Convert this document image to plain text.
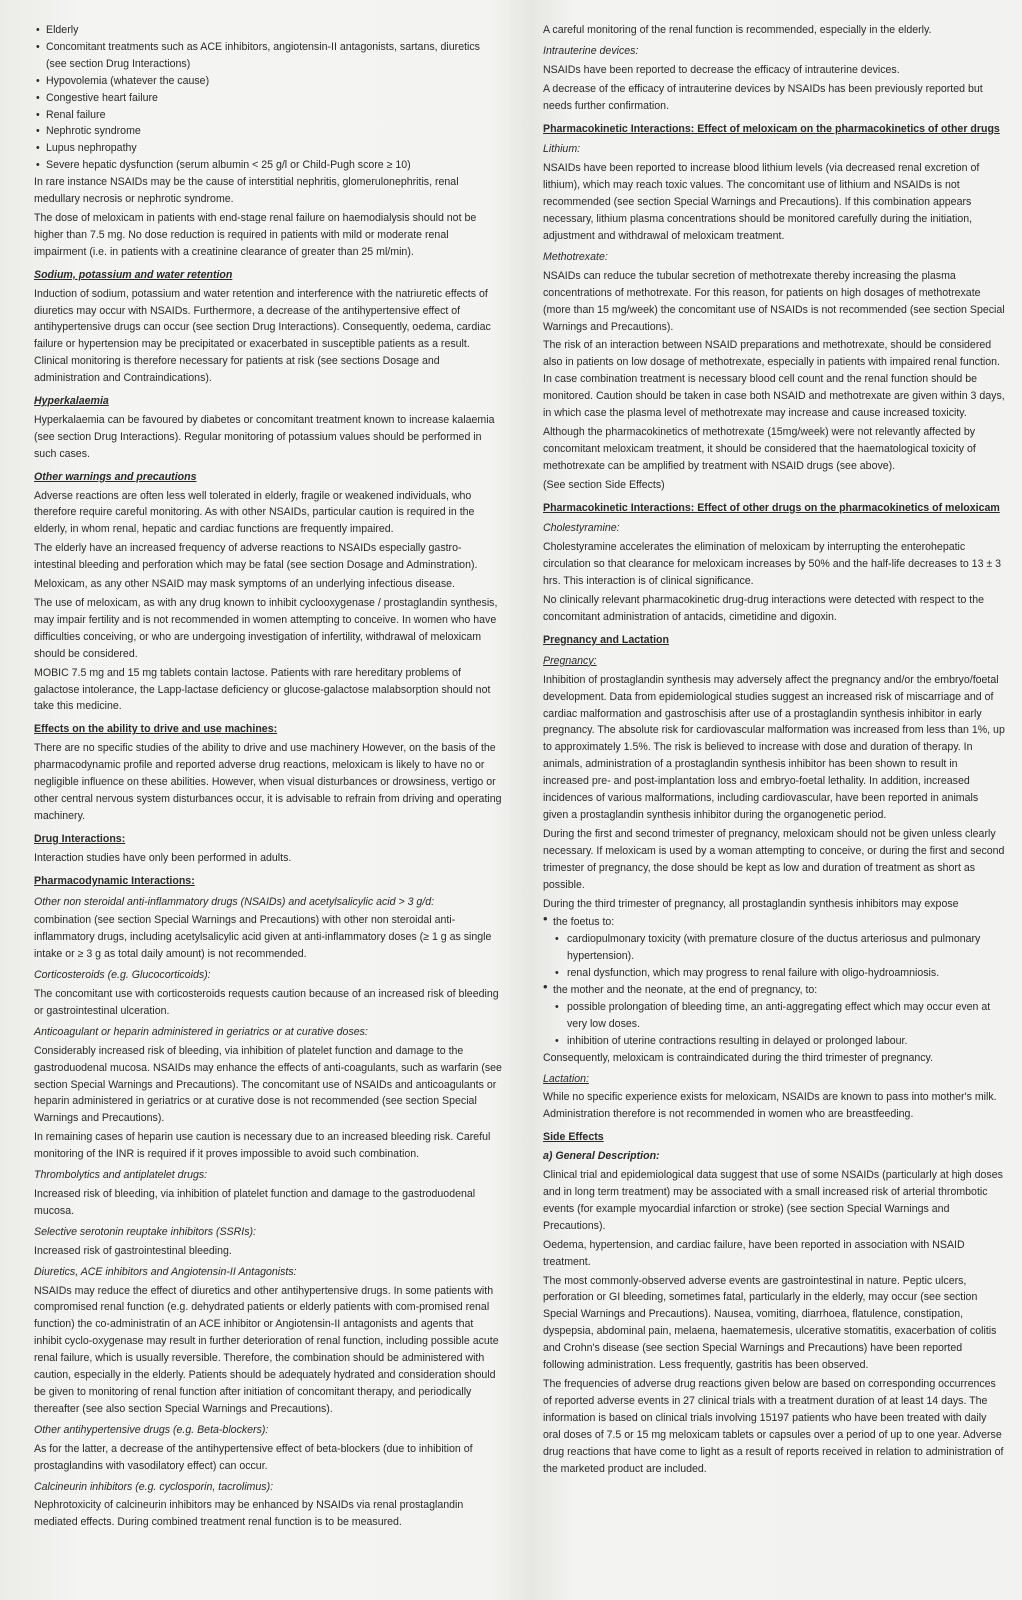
• Elderly

• Concomitant treatments such as ACE inhibitors, angiotensin-II antagonists, sartans, diuretics (see section Drug Interactions)

• Hypovolemia (whatever the cause)

• Congestive heart failure

• Renal failure

• Nephrotic syndrome

• Lupus nephropathy

• Severe hepatic dysfunction (serum albumin < 25 g/l or Child-Pugh score ≥ 10)

In rare instance NSAIDs may be the cause of interstitial nephritis, glomerulonephritis, renal medullary necrosis or nephrotic syndrome.

The dose of meloxicam in patients with end-stage renal failure on haemodialysis should not be higher than 7.5 mg. No dose reduction is required in patients with mild or moderate renal impairment (i.e. in patients with a creatinine clearance of greater than 25 ml/min).

Sodium, potassium and water retention

Induction of sodium, potassium and water retention and interference with the natriuretic effects of diuretics may occur with NSAIDs. Furthermore, a decrease of the antihypertensive effect of antihypertensive drugs can occur (see section Drug Interactions). Consequently, oedema, cardiac failure or hypertension may be precipitated or exacerbated in susceptible patients as a result. Clinical monitoring is therefore necessary for patients at risk (see sections Dosage and administration and Contraindications).

Hyperkalaemia

Hyperkalaemia can be favoured by diabetes or concomitant treatment known to increase kalaemia (see section Drug Interactions). Regular monitoring of potassium values should be performed in such cases.

Other warnings and precautions

Adverse reactions are often less well tolerated in elderly, fragile or weakened individuals, who therefore require careful monitoring. As with other NSAIDs, particular caution is required in the elderly, in whom renal, hepatic and cardiac functions are frequently impaired.

The elderly have an increased frequency of adverse reactions to NSAIDs especially gastro-intestinal bleeding and perforation which may be fatal (see section Dosage and Adminstration).

Meloxicam, as any other NSAID may mask symptoms of an underlying infectious disease.

The use of meloxicam, as with any drug known to inhibit cyclooxygenase / prostaglandin synthesis, may impair fertility and is not recommended in women attempting to conceive. In women who have difficulties conceiving, or who are undergoing investigation of infertility, withdrawal of meloxicam should be considered.

MOBIC 7.5 mg and 15 mg tablets contain lactose. Patients with rare hereditary problems of galactose intolerance, the Lapp-lactase deficiency or glucose-galactose malabsorption should not take this medicine.

Effects on the ability to drive and use machines:

There are no specific studies of the ability to drive and use machinery However, on the basis of the pharmacodynamic profile and reported adverse drug reactions, meloxicam is likely to have no or negligible influence on these abilities. However, when visual disturbances or drowsiness, vertigo or other central nervous system disturbances occur, it is advisable to refrain from driving and operating machinery.

Drug Interactions:

Interaction studies have only been performed in adults.

Pharmacodynamic Interactions:

Other non steroidal anti-inflammatory drugs (NSAIDs) and acetylsalicylic acid > 3 g/d:

combination (see section Special Warnings and Precautions) with other non steroidal anti-inflammatory drugs, including acetylsalicylic acid given at anti-inflammatory doses (≥ 1 g as single intake or ≥ 3 g as total daily amount) is not recommended.

Corticosteroids (e.g. Glucocorticoids):

The concomitant use with corticosteroids requests caution because of an increased risk of bleeding or gastrointestinal ulceration.

Anticoagulant or heparin administered in geriatrics or at curative doses:

Considerably increased risk of bleeding, via inhibition of platelet function and damage to the gastroduodenal mucosa. NSAIDs may enhance the effects of anti-coagulants, such as warfarin (see section Special Warnings and Precautions). The concomitant use of NSAIDs and anticoagulants or heparin administered in geriatrics or at curative dose is not recommended (see section Special Warnings and Precautions).

In remaining cases of heparin use caution is necessary due to an increased bleeding risk. Careful monitoring of the INR is required if it proves impossible to avoid such combination.

Thrombolytics and antiplatelet drugs:

Increased risk of bleeding, via inhibition of platelet function and damage to the gastroduodenal mucosa.

Selective serotonin reuptake inhibitors (SSRIs):

Increased risk of gastrointestinal bleeding.

Diuretics, ACE inhibitors and Angiotensin-II Antagonists:

NSAIDs may reduce the effect of diuretics and other antihypertensive drugs. In some patients with compromised renal function (e.g. dehydrated patients or elderly patients with com-promised renal function) the co-administratin of an ACE inhibitor or Angiotensin-II antagonists and agents that inhibit cyclo-oxygenase may result in further deterioration of renal function, including possible acute renal failure, which is usually reversible. Therefore, the combination should be administered with caution, especially in the elderly. Patients should be adequately hydrated and consideration should be given to monitoring of renal function after initiation of concomitant therapy, and periodically thereafter (see also section Special Warnings and Precautions).

Other antihypertensive drugs (e.g. Beta-blockers):

As for the latter, a decrease of the antihypertensive effect of beta-blockers (due to inhibition of prostaglandins with vasodilatory effect) can occur.

Calcineurin inhibitors (e.g. cyclosporin, tacrolimus):

Nephrotoxicity of calcineurin inhibitors may be enhanced by NSAIDs via renal prostaglandin mediated effects. During combined treatment renal function is to be measured.

A careful monitoring of the renal function is recommended, especially in the elderly.

Intrauterine devices:

NSAIDs have been reported to decrease the efficacy of intrauterine devices.

A decrease of the efficacy of intrauterine devices by NSAIDs has been previously reported but needs further confirmation.

Pharmacokinetic Interactions: Effect of meloxicam on the pharmacokinetics of other drugs

Lithium:

NSAIDs have been reported to increase blood lithium levels (via decreased renal excretion of lithium), which may reach toxic values. The concomitant use of lithium and NSAIDs is not recommended (see section Special Warnings and Precautions). If this combination appears necessary, lithium plasma concentrations should be monitored carefully during the initiation, adjustment and withdrawal of meloxicam treatment.

Methotrexate:

NSAIDs can reduce the tubular secretion of methotrexate thereby increasing the plasma concentrations of methotrexate. For this reason, for patients on high dosages of methotrexate (more than 15 mg/week) the concomitant use of NSAIDs is not recommended (see section Special Warnings and Precautions).

The risk of an interaction between NSAID preparations and methotrexate, should be considered also in patients on low dosage of methotrexate, especially in patients with impaired renal function. In case combination treatment is necessary blood cell count and the renal function should be monitored. Caution should be taken in case both NSAID and methotrexate are given within 3 days, in which case the plasma level of methotrexate may increase and cause increased toxicity.

Although the pharmacokinetics of methotrexate (15mg/week) were not relevantly affected by concomitant meloxicam treatment, it should be considered that the haematological toxicity of methotrexate can be amplified by treatment with NSAID drugs (see above).

(See section Side Effects)

Pharmacokinetic Interactions: Effect of other drugs on the pharmacokinetics of meloxicam

Cholestyramine:

Cholestyramine accelerates the elimination of meloxicam by interrupting the enterohepatic circulation so that clearance for meloxicam increases by 50% and the half-life decreases to 13 ± 3 hrs. This interaction is of clinical significance.

No clinically relevant pharmacokinetic drug-drug interactions were detected with respect to the concomitant administration of antacids, cimetidine and digoxin.

Pregnancy and Lactation

Pregnancy:

Inhibition of prostaglandin synthesis may adversely affect the pregnancy and/or the embryo/foetal development. Data from epidemiological studies suggest an increased risk of miscarriage and of cardiac malformation and gastroschisis after use of a prostaglandin synthesis inhibitor in early pregnancy. The absolute risk for cardiovascular malformation was increased from less than 1%, up to approximately 1.5%. The risk is believed to increase with dose and duration of therapy. In animals, administration of a prostaglandin synthesis inhibitor has been shown to result in increased pre- and post-implantation loss and embryo-foetal lethality. In addition, increased incidences of various malformations, including cardiovascular, have been reported in animals given a prostaglandin synthesis inhibitor during the organogenetic period.

During the first and second trimester of pregnancy, meloxicam should not be given unless clearly necessary. If meloxicam is used by a woman attempting to conceive, or during the first and second trimester of pregnancy, the dose should be kept as low and duration of treatment as short as possible.

During the third trimester of pregnancy, all prostaglandin synthesis inhibitors may expose

• the foetus to:

• cardiopulmonary toxicity (with premature closure of the ductus arteriosus and pulmonary hypertension).

• renal dysfunction, which may progress to renal failure with oligo-hydroamniosis.

• the mother and the neonate, at the end of pregnancy, to:

• possible prolongation of bleeding time, an anti-aggregating effect which may occur even at very low doses.

• inhibition of uterine contractions resulting in delayed or prolonged labour.

Consequently, meloxicam is contraindicated during the third trimester of pregnancy.

Lactation:

While no specific experience exists for meloxicam, NSAIDs are known to pass into mother's milk. Administration therefore is not recommended in women who are breastfeeding.

Side Effects

a) General Description:

Clinical trial and epidemiological data suggest that use of some NSAIDs (particularly at high doses and in long term treatment) may be associated with a small increased risk of arterial thrombotic events (for example myocardial infarction or stroke) (see section Special Warnings and Precautions).

Oedema, hypertension, and cardiac failure, have been reported in association with NSAID treatment.

The most commonly-observed adverse events are gastrointestinal in nature. Peptic ulcers, perforation or GI bleeding, sometimes fatal, particularly in the elderly, may occur (see section Special Warnings and Precautions). Nausea, vomiting, diarrhoea, flatulence, constipation, dyspepsia, abdominal pain, melaena, haematemesis, ulcerative stomatitis, exacerbation of colitis and Crohn's disease (see section Special Warnings and Precautions) have been reported following administration. Less frequently, gastritis has been observed.

The frequencies of adverse drug reactions given below are based on corresponding occurrences of reported adverse events in 27 clinical trials with a treatment duration of at least 14 days. The information is based on clinical trials involving 15197 patients who have been treated with daily oral doses of 7.5 or 15 mg meloxicam tablets or capsules over a period of up to one year. Adverse drug reactions that have come to light as a result of reports received in relation to administration of the marketed product are included.
